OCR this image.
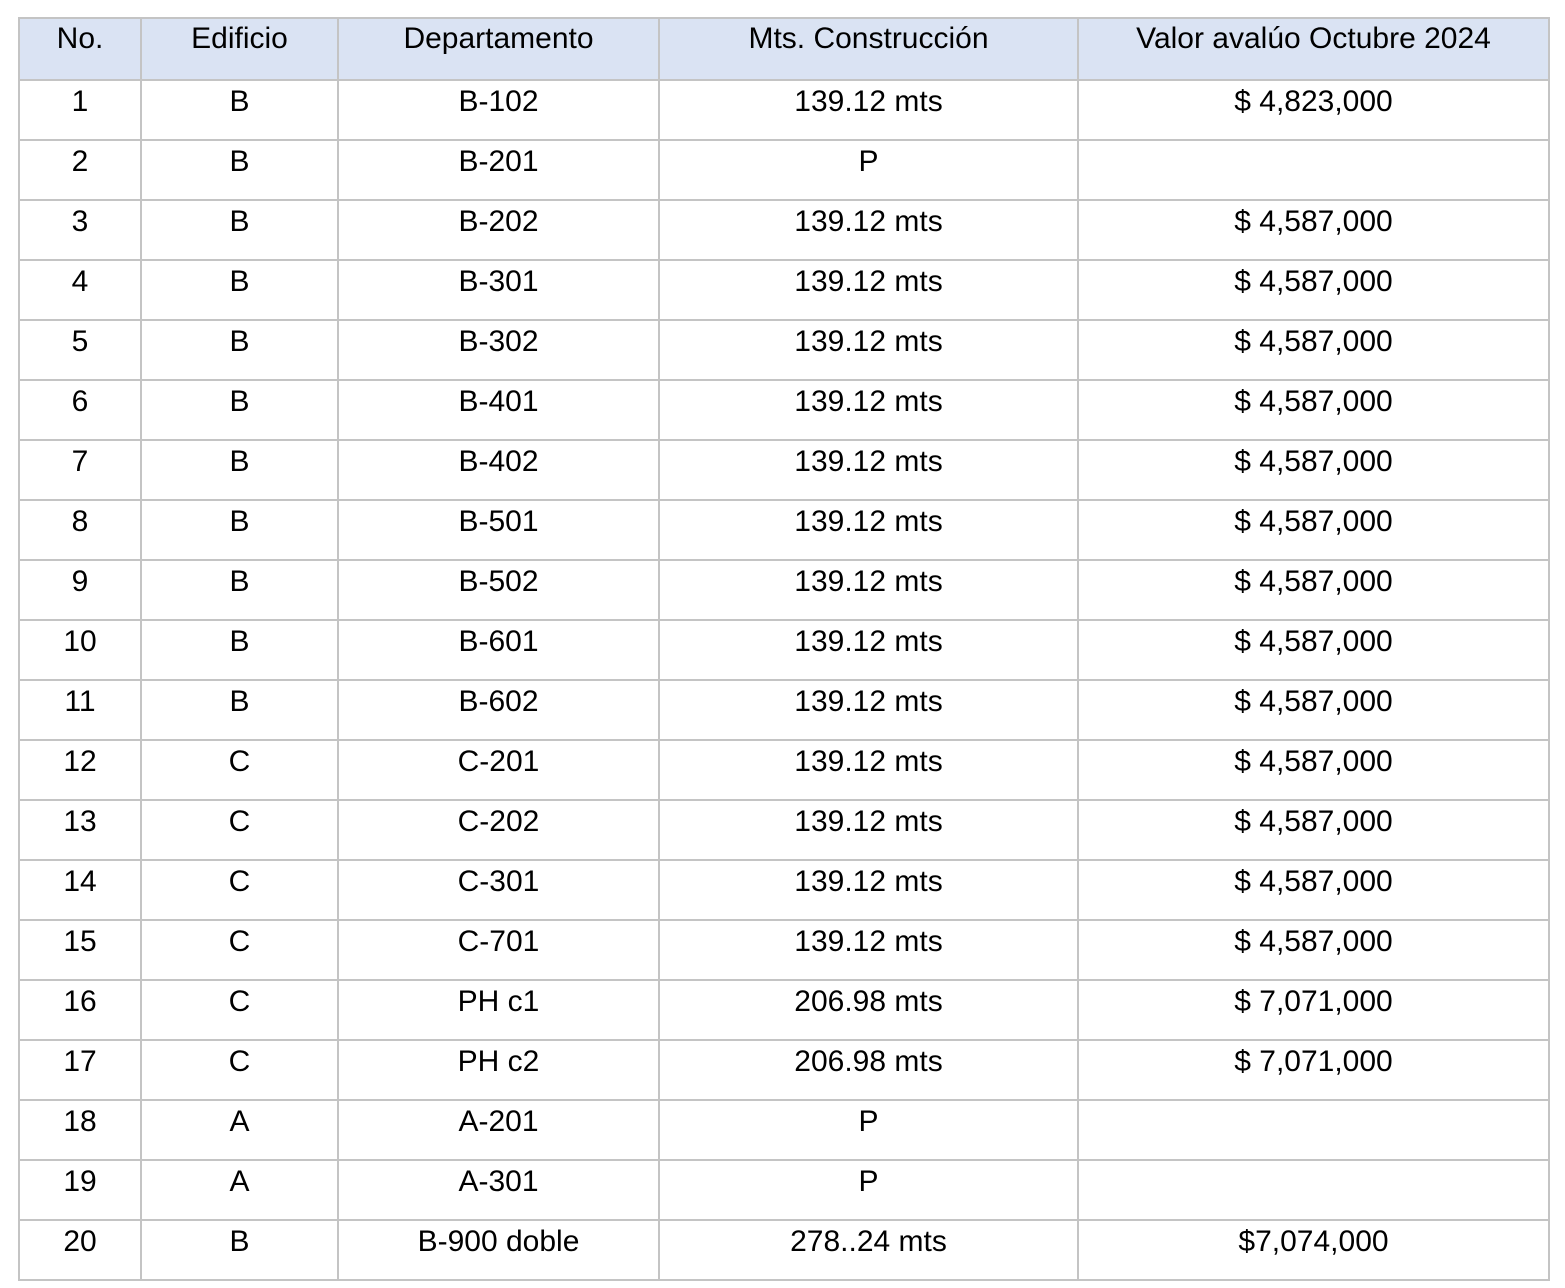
No.	Edificio	Departamento	Mts. Construcción	Valor avalúo Octubre 2024
1	B	B-102	139.12 mts	$ 4,823,000
2	B	B-201	P	
3	B	B-202	139.12 mts	$ 4,587,000
4	B	B-301	139.12 mts	$ 4,587,000
5	B	B-302	139.12 mts	$ 4,587,000
6	B	B-401	139.12 mts	$ 4,587,000
7	B	B-402	139.12 mts	$ 4,587,000
8	B	B-501	139.12 mts	$ 4,587,000
9	B	B-502	139.12 mts	$ 4,587,000
10	B	B-601	139.12 mts	$ 4,587,000
11	B	B-602	139.12 mts	$ 4,587,000
12	C	C-201	139.12 mts	$ 4,587,000
13	C	C-202	139.12 mts	$ 4,587,000
14	C	C-301	139.12 mts	$ 4,587,000
15	C	C-701	139.12 mts	$ 4,587,000
16	C	PH c1	206.98 mts	$ 7,071,000
17	C	PH c2	206.98 mts	$ 7,071,000
18	A	A-201	P	
19	A	A-301	P	
20	B	B-900 doble	278..24 mts	$7,074,000
